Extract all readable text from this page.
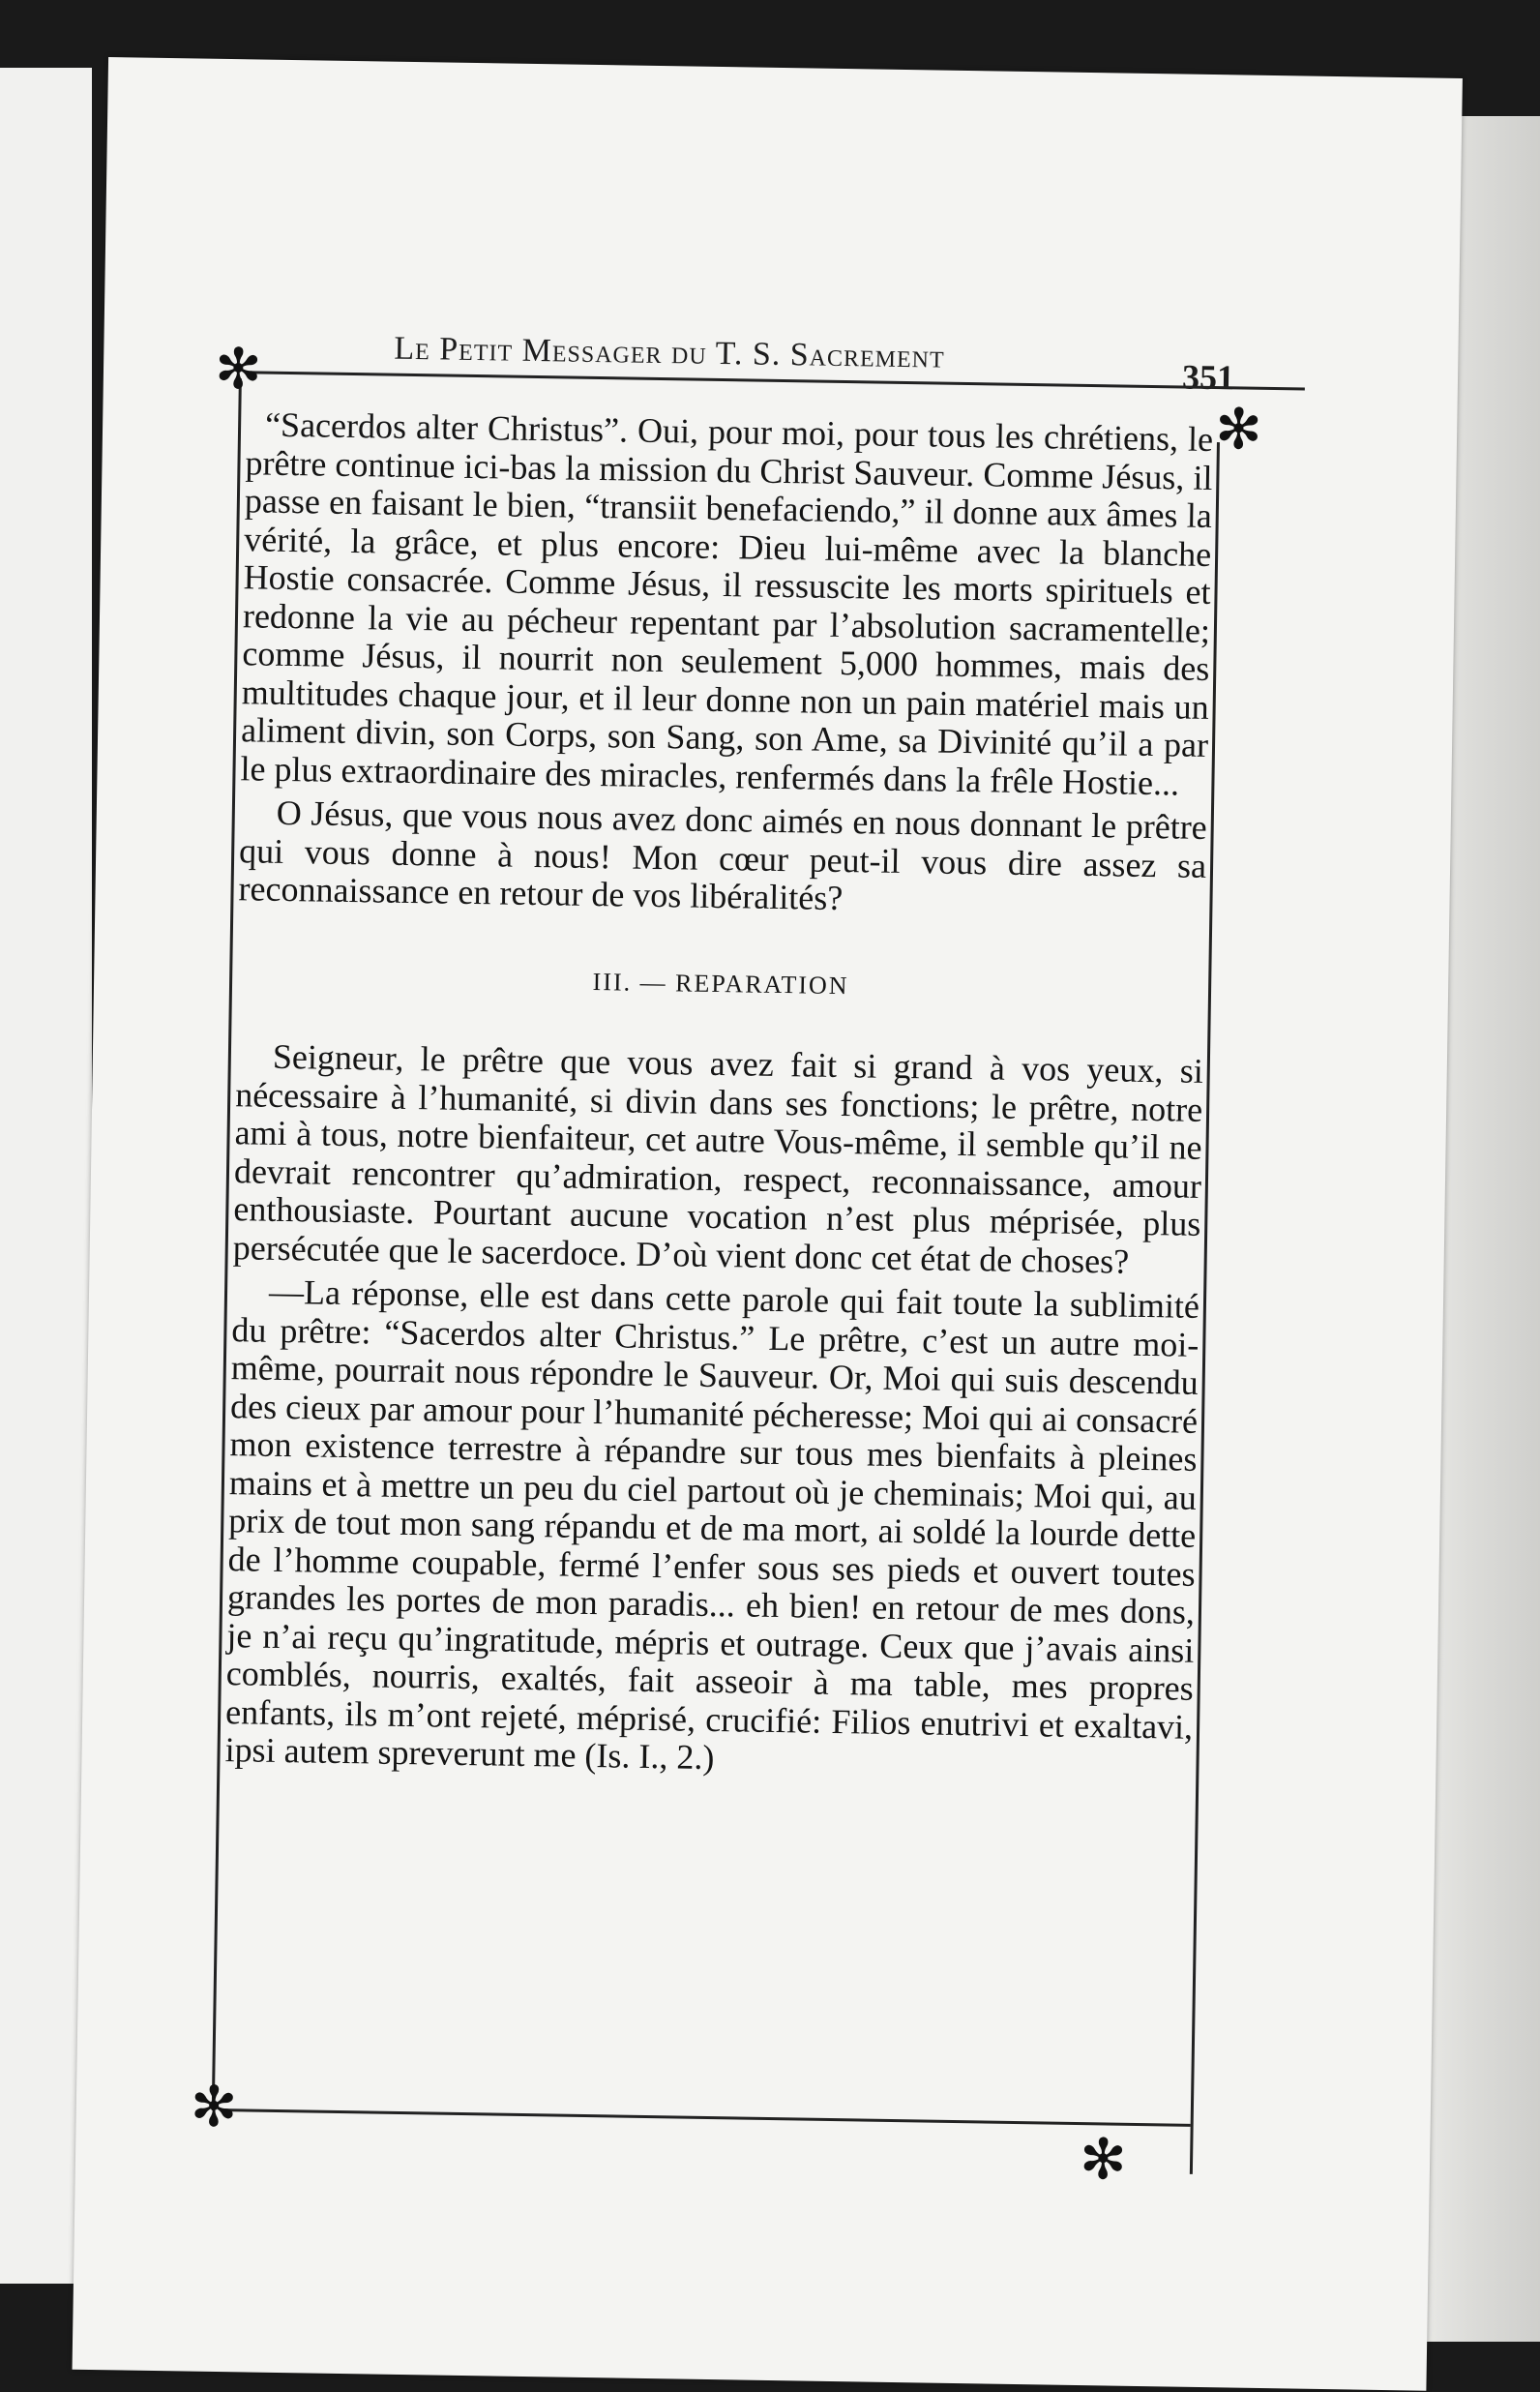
Le Petit Messager du T. S. Sacrement
351
✻
✻
✻
✻

“Sacerdos alter Christus”. Oui, pour moi, pour tous les chrétiens, le prêtre continue ici-bas la mission du Christ Sauveur. Comme Jésus, il passe en faisant le bien, “transiit benefaciendo,” il donne aux âmes la vérité, la grâce, et plus encore: Dieu lui-même avec la blanche Hostie consacrée. Comme Jésus, il ressuscite les morts spirituels et redonne la vie au pécheur repentant par l’absolution sacramentelle; comme Jésus, il nourrit non seulement 5,000 hommes, mais des multitudes chaque jour, et il leur donne non un pain matériel mais un aliment divin, son Corps, son Sang, son Ame, sa Divinité qu’il a par le plus extraordinaire des miracles, renfermés dans la frêle Hostie...

O Jésus, que vous nous avez donc aimés en nous donnant le prêtre qui vous donne à nous! Mon cœur peut-il vous dire assez sa reconnaissance en retour de vos libéralités?

III. — REPARATION

Seigneur, le prêtre que vous avez fait si grand à vos yeux, si nécessaire à l’humanité, si divin dans ses fonctions; le prêtre, notre ami à tous, notre bienfaiteur, cet autre Vous-même, il semble qu’il ne devrait rencontrer qu’admiration, respect, reconnaissance, amour enthousiaste. Pourtant aucune vocation n’est plus méprisée, plus persécutée que le sacerdoce. D’où vient donc cet état de choses?

—La réponse, elle est dans cette parole qui fait toute la sublimité du prêtre: “Sacerdos alter Christus.” Le prêtre, c’est un autre moi-même, pourrait nous répondre le Sauveur. Or, Moi qui suis descendu des cieux par amour pour l’humanité pécheresse; Moi qui ai consacré mon existence terrestre à répandre sur tous mes bienfaits à pleines mains et à mettre un peu du ciel partout où je cheminais; Moi qui, au prix de tout mon sang répandu et de ma mort, ai soldé la lourde dette de l’homme coupable, fermé l’enfer sous ses pieds et ouvert toutes grandes les portes de mon paradis... eh bien! en retour de mes dons, je n’ai reçu qu’ingratitude, mépris et outrage. Ceux que j’avais ainsi comblés, nourris, exaltés, fait asseoir à ma table, mes propres enfants, ils m’ont rejeté, méprisé, crucifié: Filios enutrivi et exaltavi, ipsi autem spreverunt me (Is. I., 2.)
